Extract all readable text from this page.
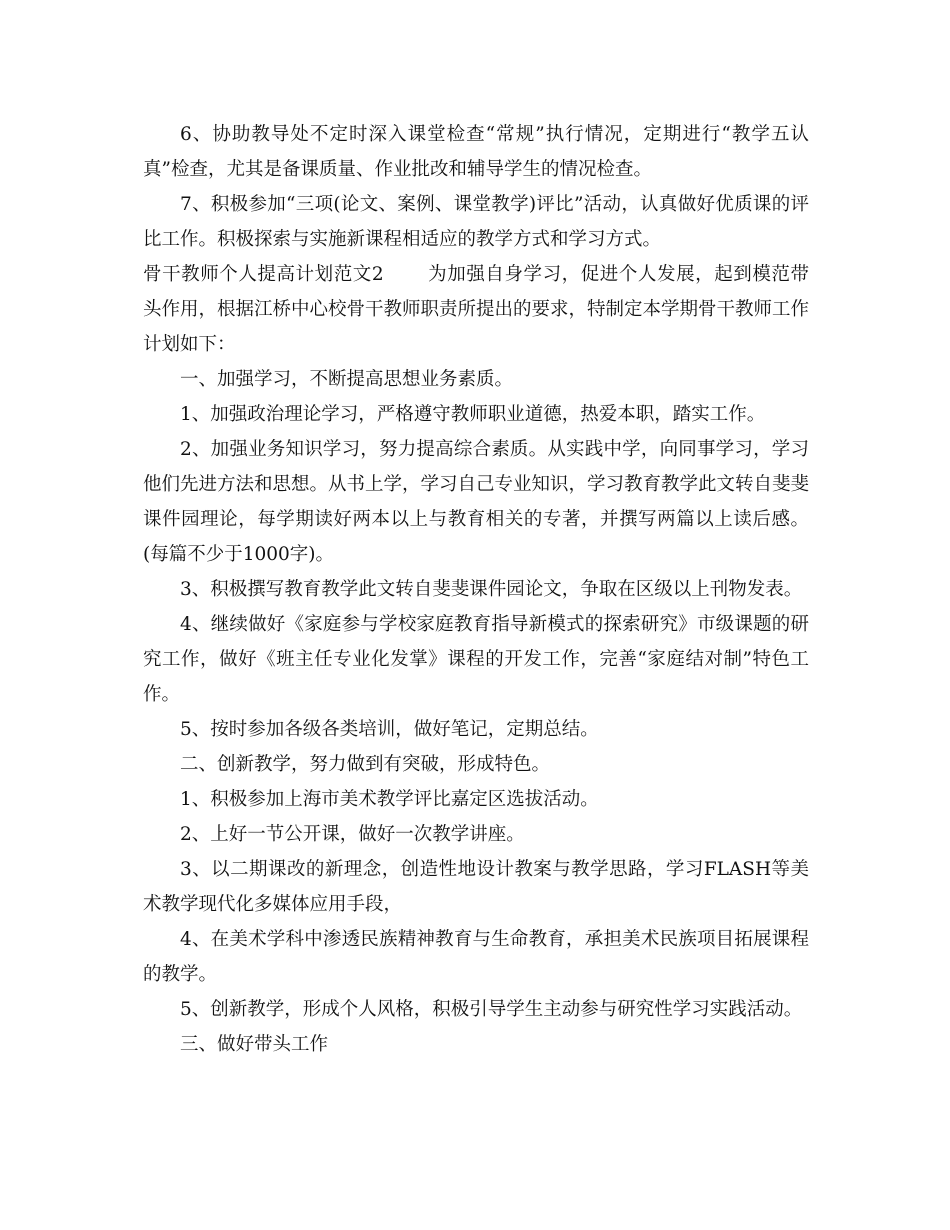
6、协助教导处不定时深入课堂检查“常规”执行情况，定期进行“教学五认真”检查，尤其是备课质量、作业批改和辅导学生的情况检查。

7、积极参加“三项(论文、案例、课堂教学)评比”活动，认真做好优质课的评比工作。积极探索与实施新课程相适应的教学方式和学习方式。

骨干教师个人提高计划范文2 为加强自身学习，促进个人发展，起到模范带头作用，根据江桥中心校骨干教师职责所提出的要求，特制定本学期骨干教师工作计划如下：

一、加强学习，不断提高思想业务素质。

1、加强政治理论学习，严格遵守教师职业道德，热爱本职，踏实工作。

2、加强业务知识学习，努力提高综合素质。从实践中学，向同事学习，学习他们先进方法和思想。从书上学，学习自己专业知识，学习教育教学此文转自斐斐课件园理论，每学期读好两本以上与教育相关的专著，并撰写两篇以上读后感。(每篇不少于1000字)。

3、积极撰写教育教学此文转自斐斐课件园论文，争取在区级以上刊物发表。

4、继续做好《家庭参与学校家庭教育指导新模式的探索研究》市级课题的研究工作，做好《班主任专业化发掌》课程的开发工作，完善“家庭结对制”特色工作。

5、按时参加各级各类培训，做好笔记，定期总结。

二、创新教学，努力做到有突破，形成特色。

1、积极参加上海市美术教学评比嘉定区选拔活动。

2、上好一节公开课，做好一次教学讲座。

3、以二期课改的新理念，创造性地设计教案与教学思路，学习FLASH等美术教学现代化多媒体应用手段，

4、在美术学科中渗透民族精神教育与生命教育，承担美术民族项目拓展课程的教学。

5、创新教学，形成个人风格，积极引导学生主动参与研究性学习实践活动。

三、做好带头工作
